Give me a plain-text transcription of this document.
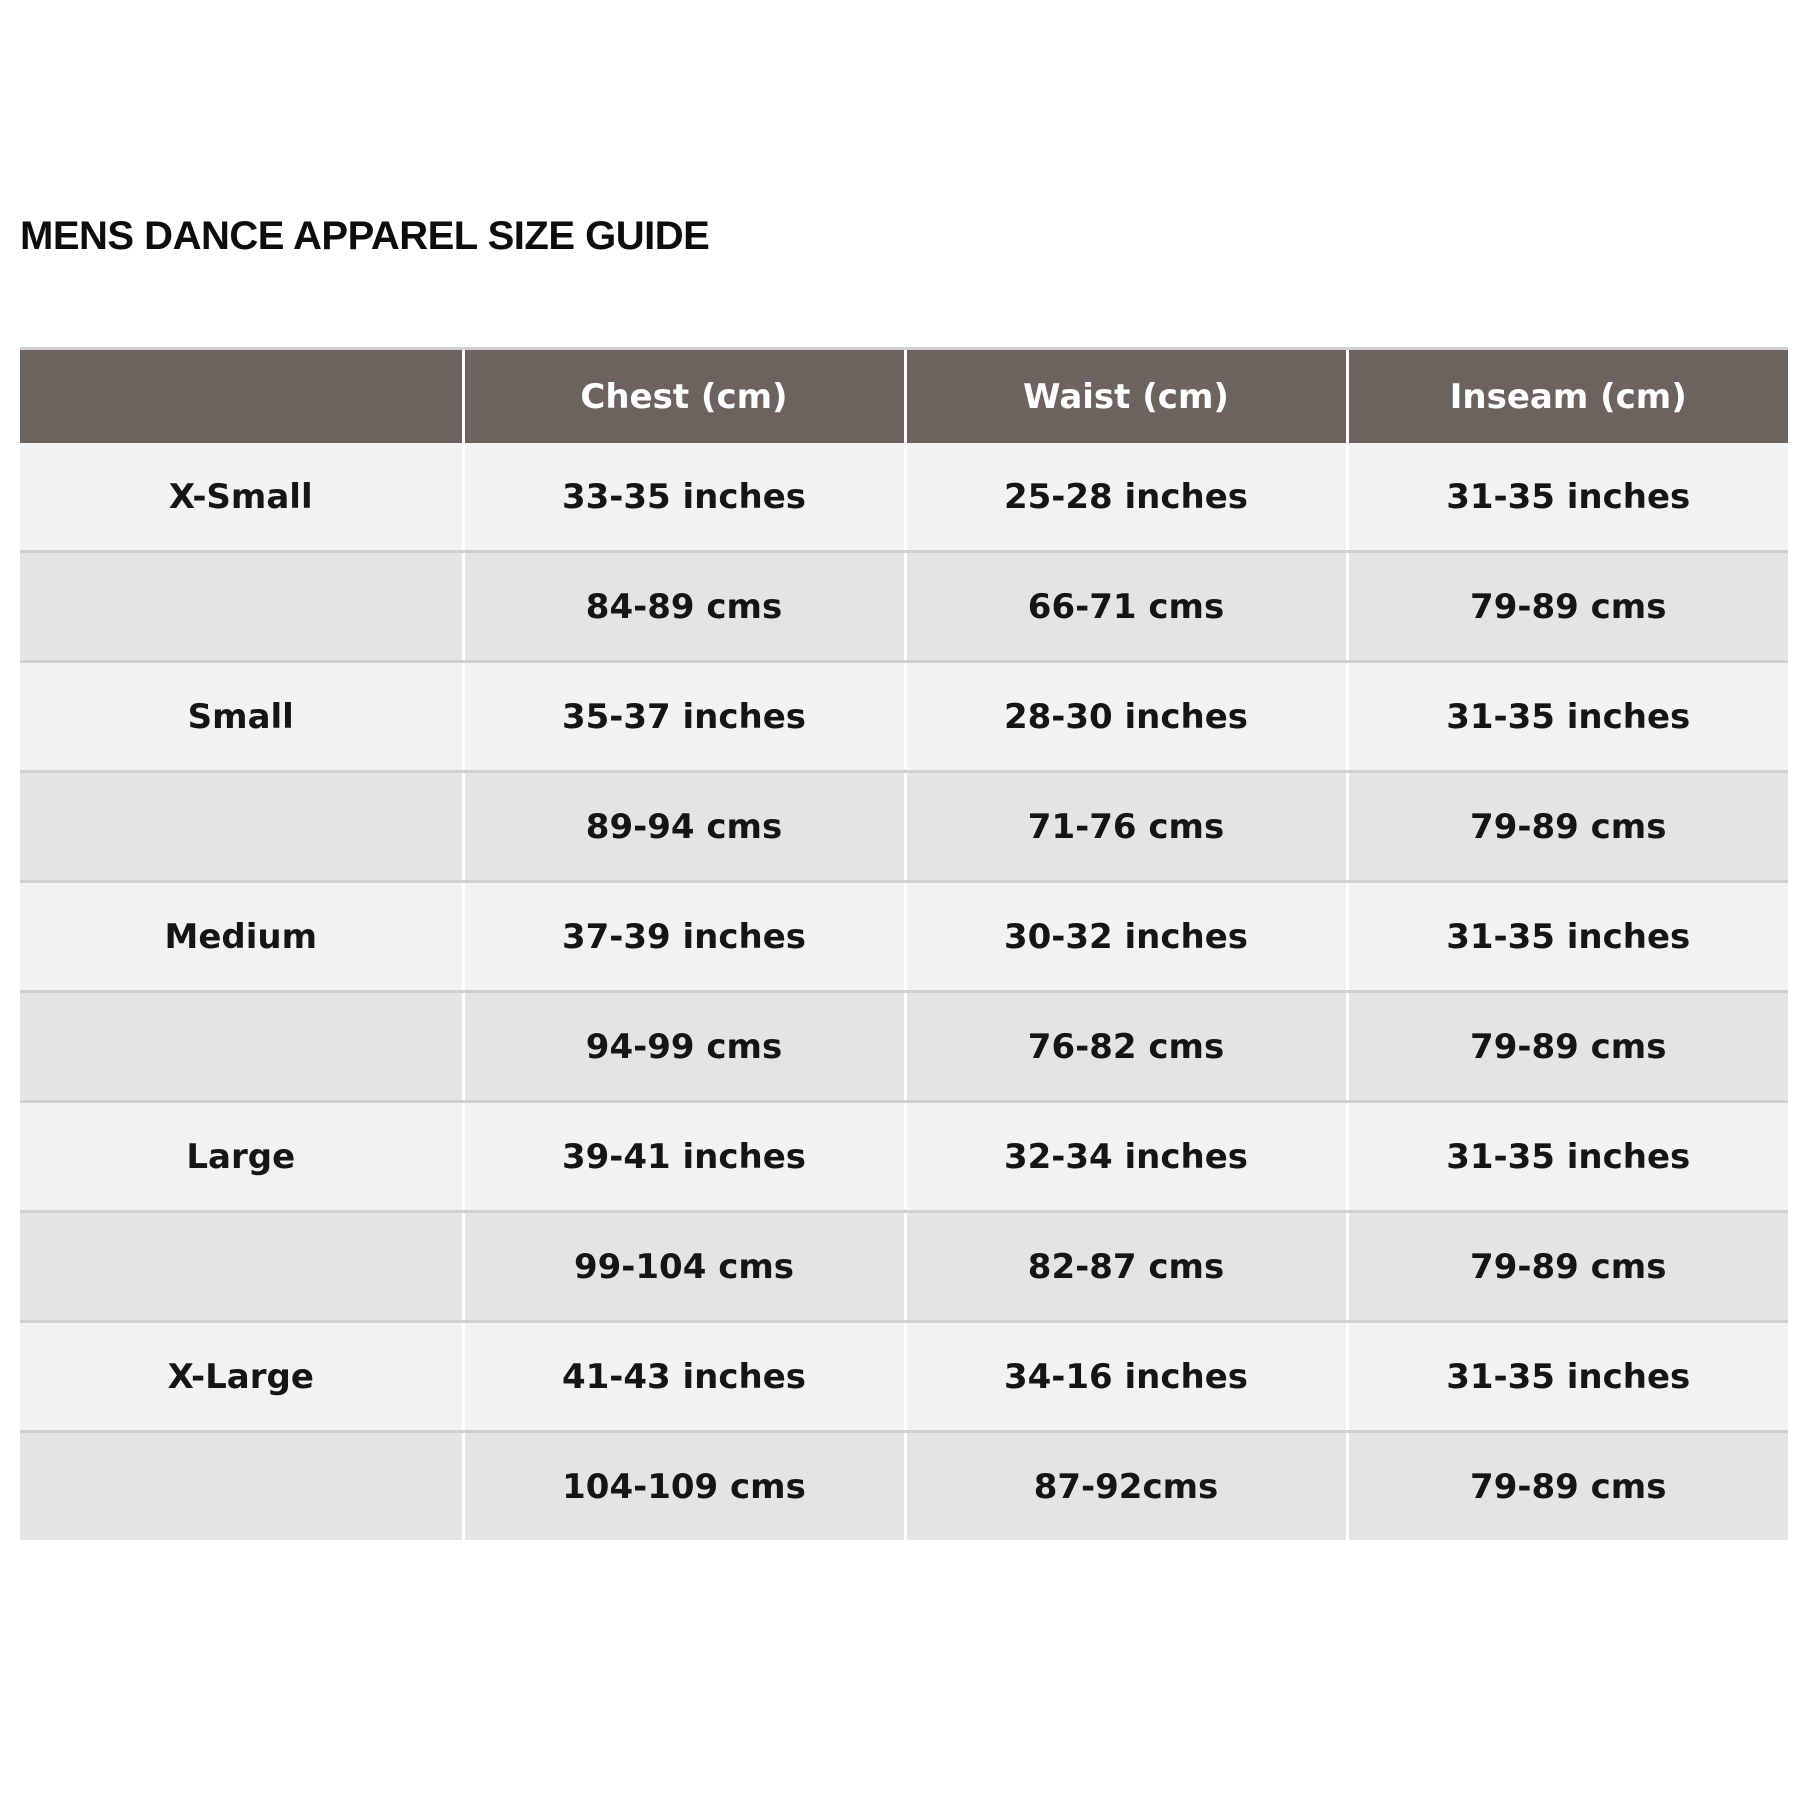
MENS DANCE APPAREL SIZE GUIDE
	Chest (cm)	Waist (cm)	Inseam (cm)
X-Small	33-35 inches	25-28 inches	31-35 inches
	84-89 cms	66-71 cms	79-89 cms
Small	35-37 inches	28-30 inches	31-35 inches
	89-94 cms	71-76 cms	79-89 cms
Medium	37-39 inches	30-32 inches	31-35 inches
	94-99 cms	76-82 cms	79-89 cms
Large	39-41 inches	32-34 inches	31-35 inches
	99-104 cms	82-87 cms	79-89 cms
X-Large	41-43 inches	34-16 inches	31-35 inches
	104-109 cms	87-92cms	79-89 cms
